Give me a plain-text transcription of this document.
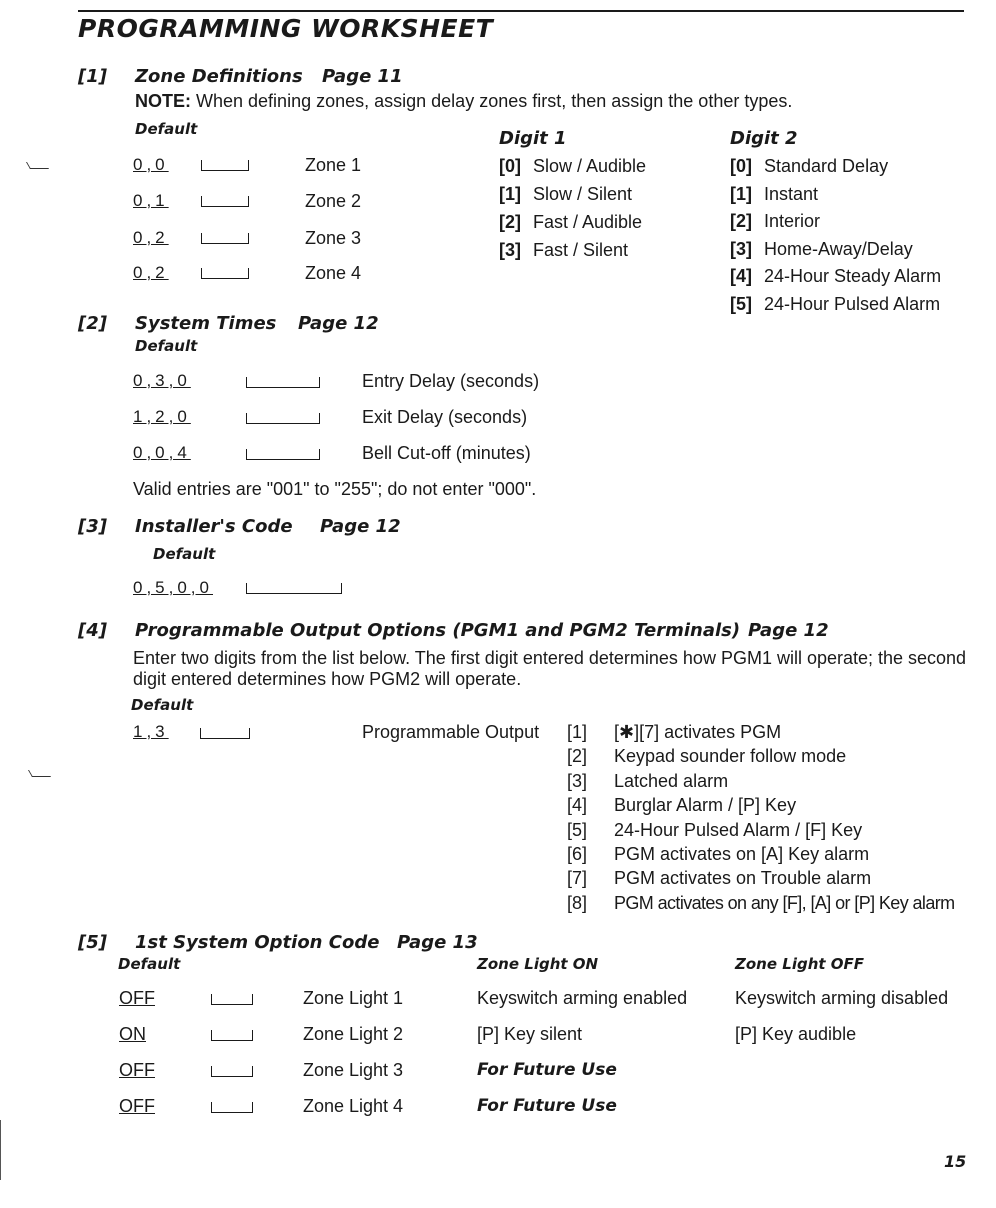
PROGRAMMING WORKSHEET
[1] Zone Definitions Page 11
NOTE: When defining zones, assign delay zones first, then assign the other types.
Default
0,0	Zone 1
0,1	Zone 2
0,2	Zone 3
0,2	Zone 4
Digit 1
[0] Slow / Audible
[1] Slow / Silent
[2] Fast / Audible
[3] Fast / Silent
Digit 2
[0] Standard Delay
[1] Instant
[2] Interior
[3] Home-Away/Delay
[4] 24-Hour Steady Alarm
[5] 24-Hour Pulsed Alarm
[2] System Times Page 12
Default
0,3,0	Entry Delay (seconds)
1,2,0	Exit Delay (seconds)
0,0,4	Bell Cut-off (minutes)
Valid entries are "001" to "255"; do not enter "000".
[3] Installer's Code Page 12
Default
0,5,0,0
[4] Programmable Output Options (PGM1 and PGM2 Terminals) Page 12
Enter two digits from the list below. The first digit entered determines how PGM1 will operate; the second
digit entered determines how PGM2 will operate.
Default
1,3	Programmable Output [1] [✱][7] activates PGM
[2] Keypad sounder follow mode
[3] Latched alarm
[4] Burglar Alarm / [P] Key
[5] 24-Hour Pulsed Alarm / [F] Key
[6] PGM activates on [A] Key alarm
[7] PGM activates on Trouble alarm
[8] PGM activates on any [F], [A] or [P] Key alarm
[5] 1st System Option Code Page 13
Default	Zone Light ON	Zone Light OFF
OFF	Zone Light 1	Keyswitch arming enabled	Keyswitch arming disabled
ON	Zone Light 2	[P] Key silent	[P] Key audible
OFF	Zone Light 3	For Future Use
OFF	Zone Light 4	For Future Use
15
